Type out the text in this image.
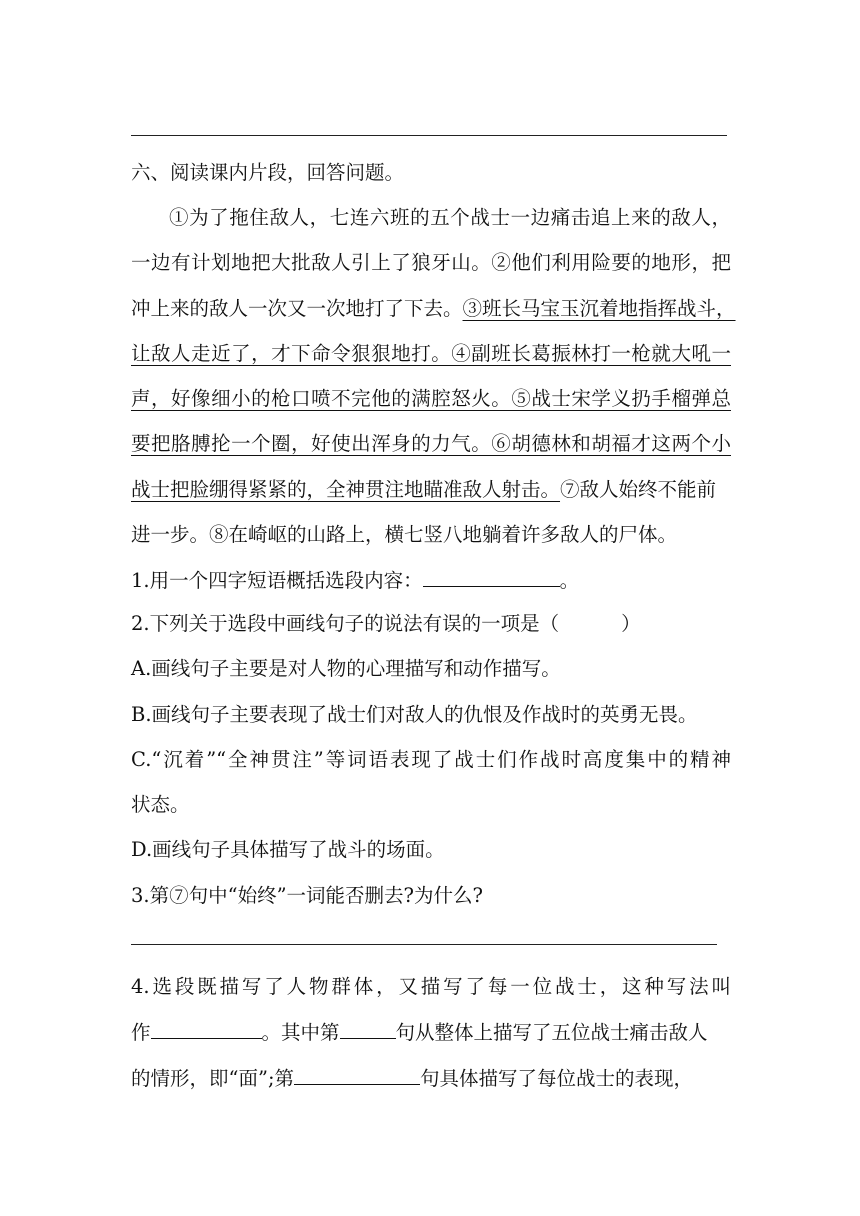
六、阅读课内片段，回答问题。
①为了拖住敌人，七连六班的五个战士一边痛击追上来的敌人，
一边有计划地把大批敌人引上了狼牙山。②他们利用险要的地形，把
冲上来的敌人一次又一次地打了下去。③班长马宝玉沉着地指挥战斗，
让敌人走近了，才下命令狠狠地打。④副班长葛振林打一枪就大吼一
声，好像细小的枪口喷不完他的满腔怒火。⑤战士宋学义扔手榴弹总
要把胳膊抡一个圈，好使出浑身的力气。⑥胡德林和胡福才这两个小
战士把脸绷得紧紧的，全神贯注地瞄准敌人射击。⑦敌人始终不能前
进一步。⑧在崎岖的山路上，横七竖八地躺着许多敌人的尸体。
1.用一个四字短语概括选段内容：	。
2.下列关于选段中画线句子的说法有误的一项是（	）
A.画线句子主要是对人物的心理描写和动作描写。
B.画线句子主要表现了战士们对敌人的仇恨及作战时的英勇无畏。
C.“沉着”“全神贯注”等词语表现了战士们作战时高度集中的精神
状态。
D.画线句子具体描写了战斗的场面。
3.第⑦句中“始终”一词能否删去?为什么?
4.选段既描写了人物群体，又描写了每一位战士，这种写法叫
作	。其中第	句从整体上描写了五位战士痛击敌人
的情形，即“面”;第	句具体描写了每位战士的表现，
